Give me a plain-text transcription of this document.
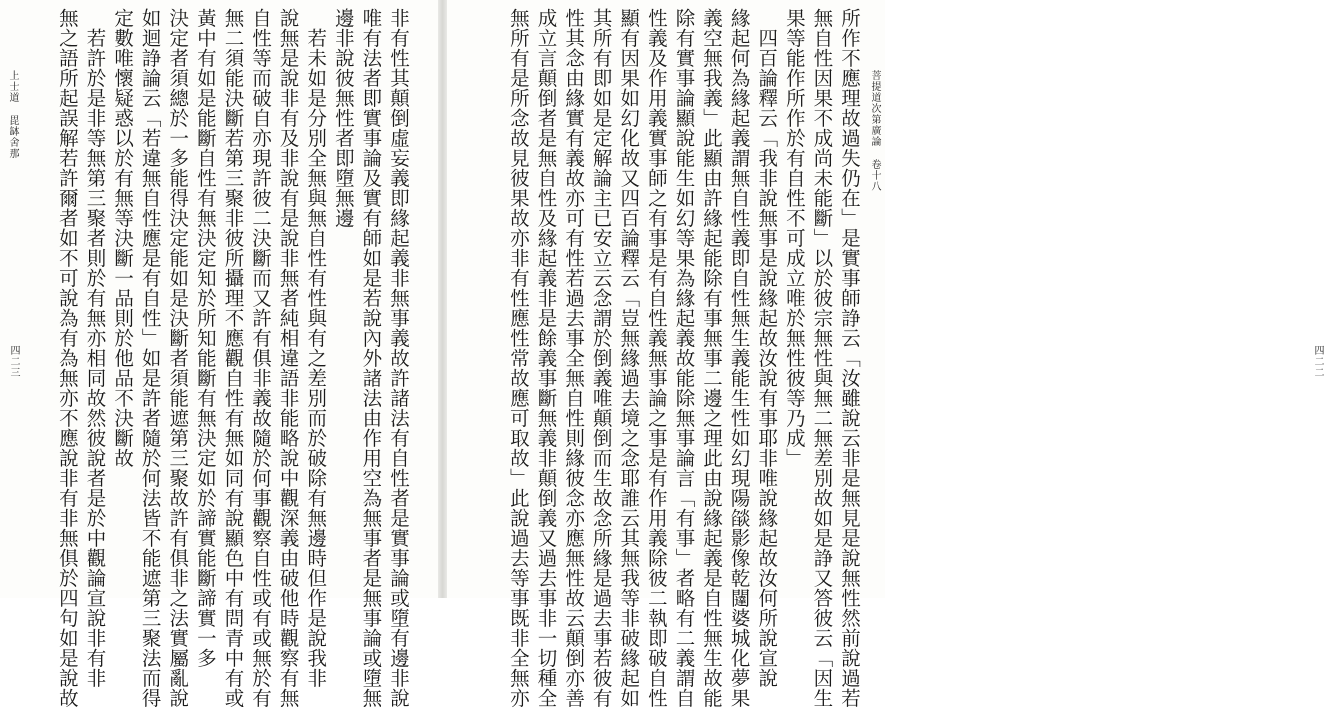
菩提道次第廣論 卷十八
所作不應理故過失仍在」是實事師諍云「汝雖說云非是無見是說無性然前說過若
無自性因果不成尚未能斷」以於彼宗無性與無二無差別故如是諍又答彼云「因生
果等能作所作於有自性不可成立唯於無性彼等乃成」
　四百論釋云「我非說無事是說緣起故汝說有事耶非唯說緣起故汝何所說宣說
緣起何為緣起義謂無自性義即自性無生義能生性如幻現陽燄影像乾闥婆城化夢果
義空無我義」此顯由許緣起能除有事無事二邊之理此由說緣起義是自性無生故能
除有實事論顯說能生如幻等果為緣起義故能除無事論言「有事」者略有二義謂自
性義及作用義實事師之有事是有自性義無事論之事是有作用義除彼二執即破自性
顯有因果如幻化故又四百論釋云「豈無緣過去境之念耶誰云其無我等非破緣起如
其所有即如是定解論主已安立云念謂於倒義唯顛倒而生故念所緣是過去事若彼有
性其念由緣實有義故亦可有性若過去事全無自性則緣彼念亦應無性故云顛倒亦善
成立言顛倒者是無自性及緣起義非是餘義事斷無義非顛倒義又過去事非一切種全
無所有是所念故見彼果故亦非有性應性常故應可取故」此說過去等事既非全無亦	四二二
上士道 毘缽舍那	非有性其顛倒虛妄義即緣起義非無事義故許諸法有自性者是實事論或墮有邊非說
唯有法者即實事論及實有師如是若說內外諸法由作用空為無事者是無事論或墮無
邊非說彼無性者即墮無邊
　若未如是分別全無與無自性有性與有之差別而於破除有無邊時但作是說我非
說無是說非有及非說有是說非無者純相違語非能略說中觀深義由破他時觀察有無
自性等而破自亦現許彼二決斷而又許有俱非義故隨於何事觀察自性或有或無於有
無二須能決斷若第三聚非彼所攝理不應觀自性有無如同有說顯色中有問青中有或
黃中有如是能斷自性有無決定知於所知能斷有無決定如於諦實能斷諦實一多
決定者須總於一多能得決定能如是決斷者須能遮第三聚故許有俱非之法實屬亂說
如迴諍論云「若違無自性應是有自性」如是許者隨於何法皆不能遮第三聚法而得
定數唯懷疑惑以於有無等決斷一品則於他品不決斷故
　若許於是非等無第三聚者則於有無亦相同故然彼說者是於中觀論宣說非有非
無之語所起誤解若許爾者如不可說為有為無亦不應說非有非無俱於四句如是說故
四二三
